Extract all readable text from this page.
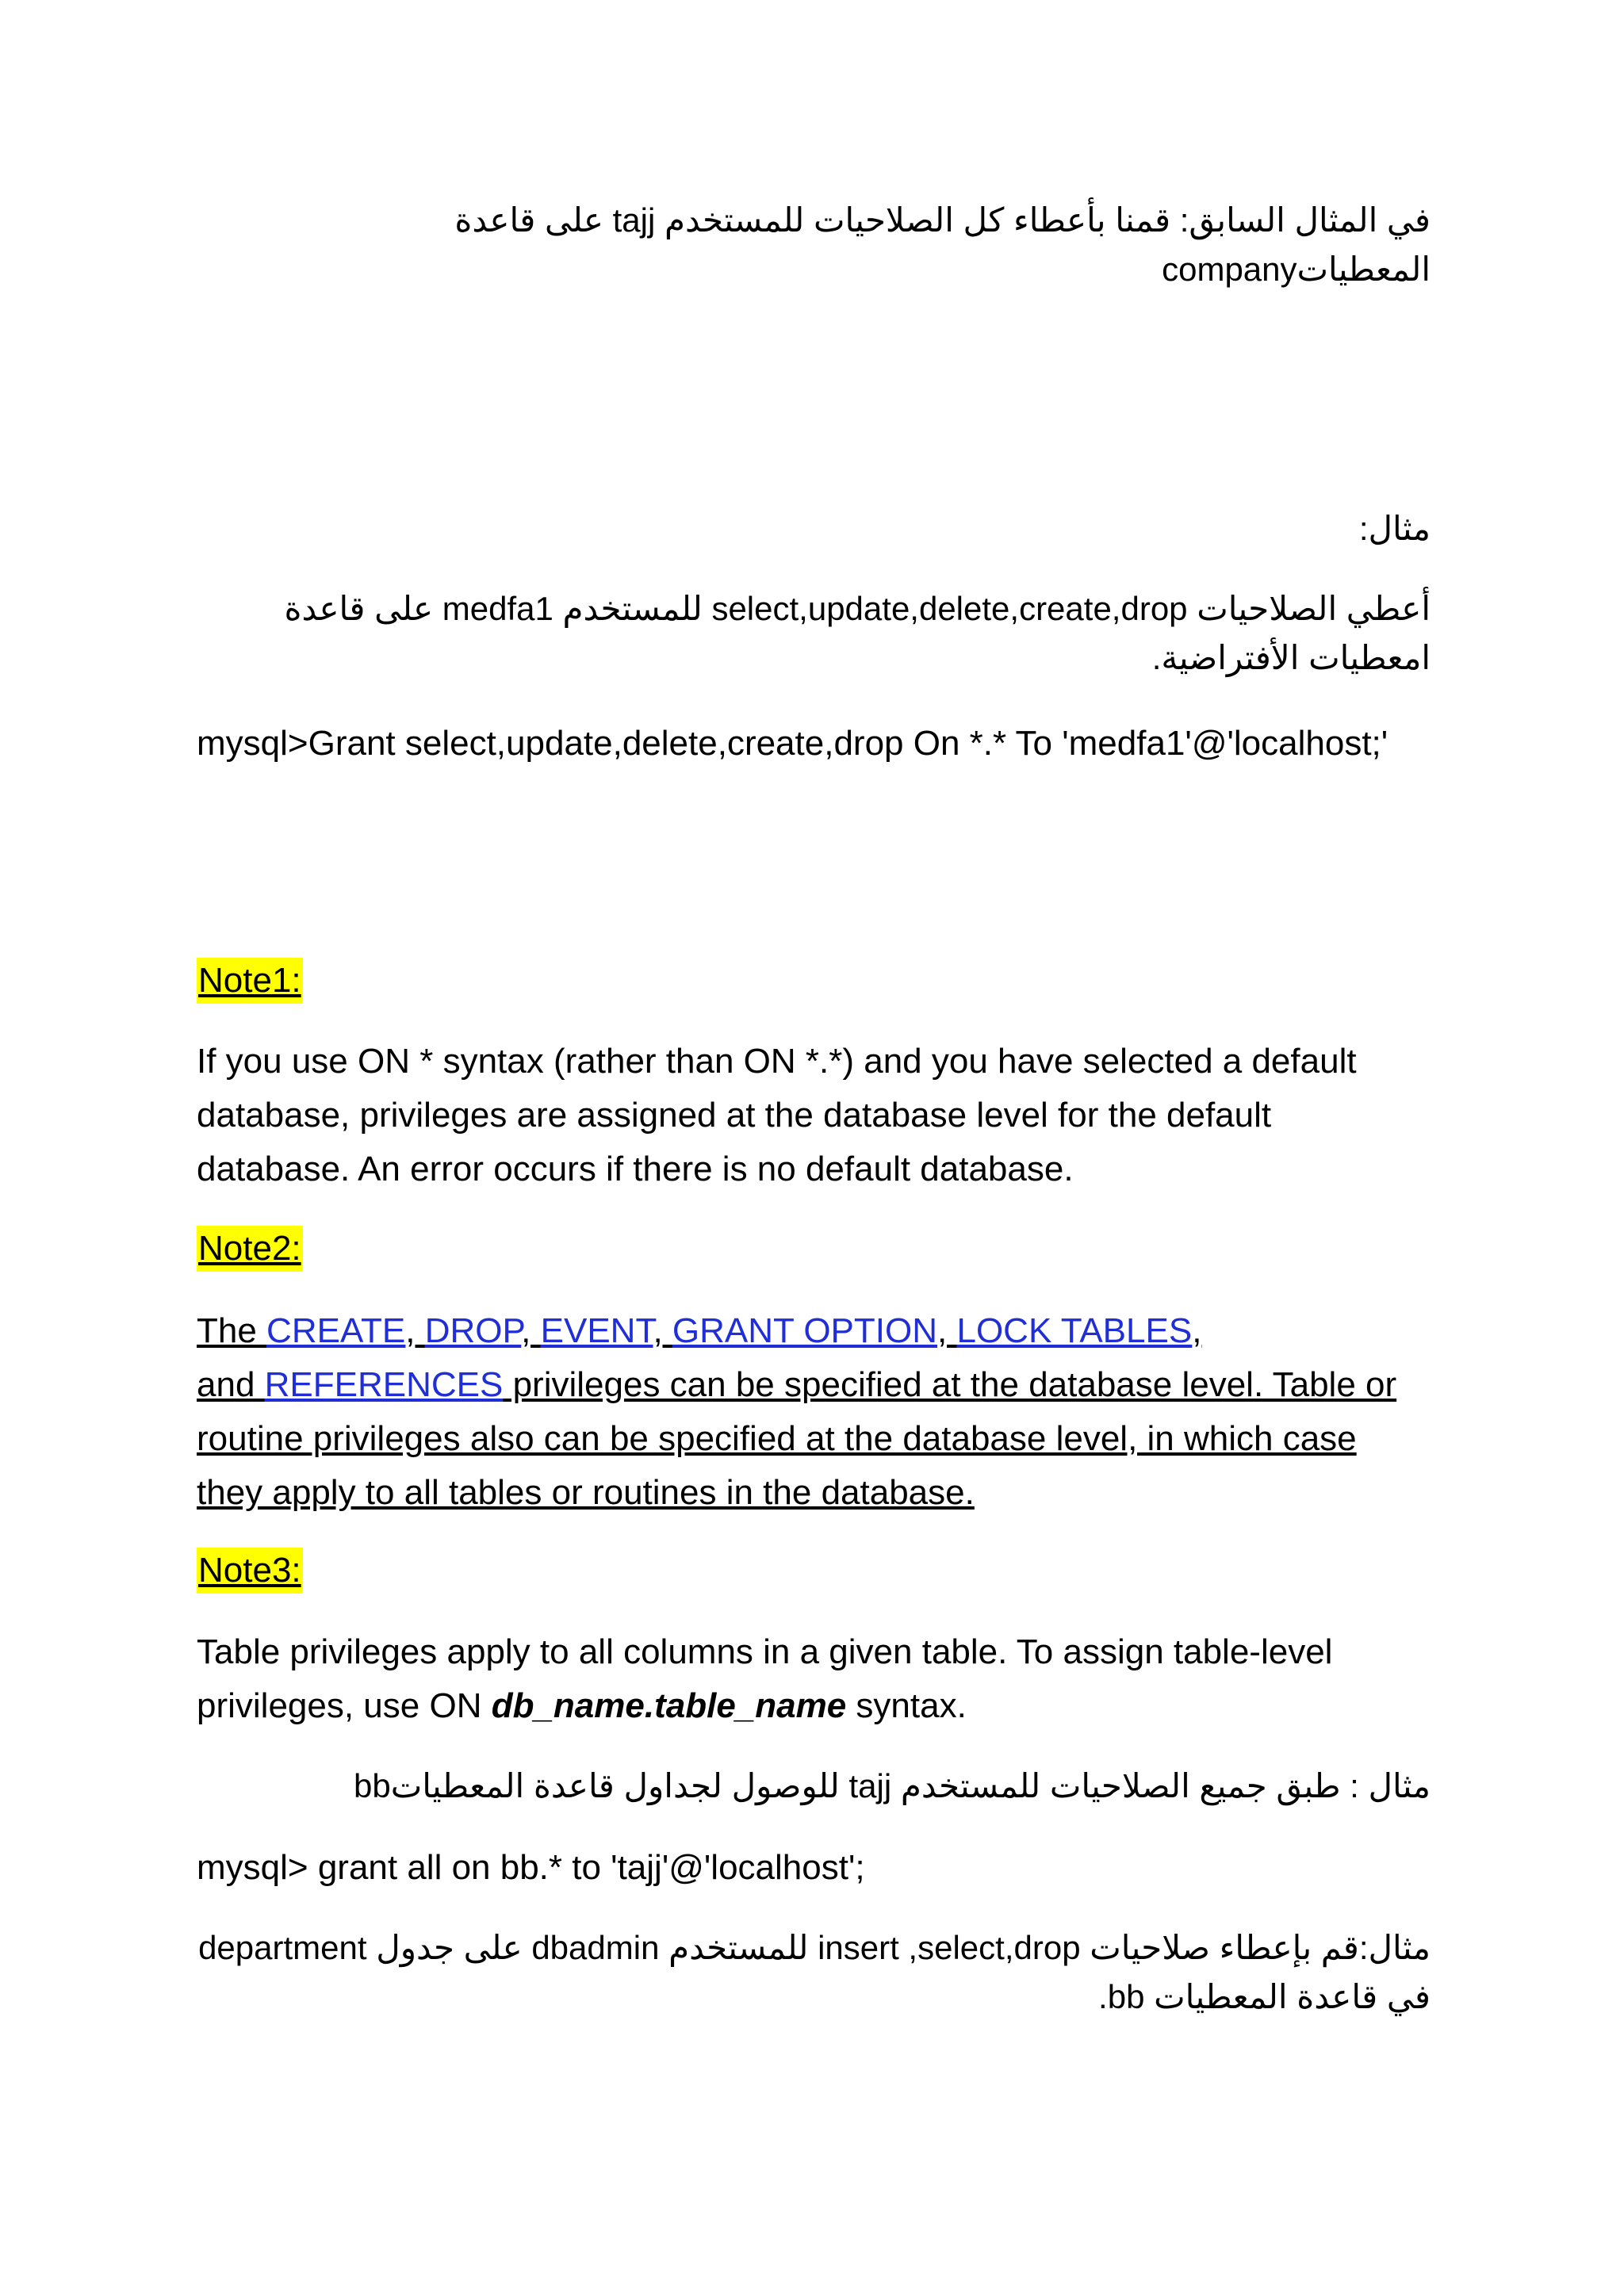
في المثال السابق: قمنا بأعطاء كل الصلاحيات للمستخدم tajj على قاعدة المعطياتcompany
مثال:
أعطي الصلاحيات select,update,delete,create,drop للمستخدم medfa1 على قاعدة امعطيات الأفتراضية.
mysql>Grant select,update,delete,create,drop On *.* To 'medfa1'@'localhost;'
Note1:
If you use ON * syntax (rather than ON *.*) and you have selected a default database, privileges are assigned at the database level for the default database. An error occurs if there is no default database.
Note2:
The CREATE, DROP, EVENT, GRANT OPTION, LOCK TABLES,
and REFERENCES privileges can be specified at the database level. Table or routine privileges also can be specified at the database level, in which case they apply to all tables or routines in the database.
Note3:
Table privileges apply to all columns in a given table. To assign table-level privileges, use ON db_name.table_name syntax.
مثال : طبق جميع الصلاحيات للمستخدم tajj للوصول لجداول قاعدة المعطياتbb
mysql> grant all on bb.* to 'tajj'@'localhost';
مثال:قم بإعطاء صلاحيات insert ,select,drop للمستخدم dbadmin على جدول department في قاعدة المعطيات bb.
